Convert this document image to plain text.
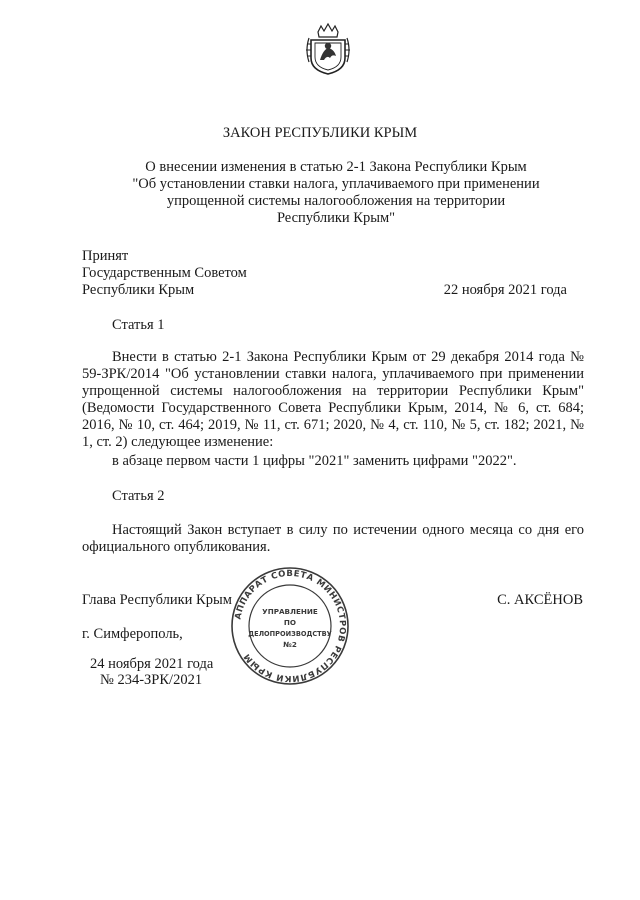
ЗАКОН РЕСПУБЛИКИ КРЫМ
О внесении изменения в статью 2-1 Закона Республики Крым
"Об установлении ставки налога, уплачиваемого при применении
упрощенной системы налогообложения на территории
Республики Крым"
Принят
Государственным Советом
Республики Крым	22 ноября 2021 года
Статья 1
Внести в статью 2-1 Закона Республики Крым от 29 декабря 2014 года № 59-ЗРК/2014 "Об установлении ставки налога, уплачиваемого при применении упрощенной системы налогообложения на территории Республики Крым" (Ведомости Государственного Совета Республики Крым, 2014, № 6, ст. 684; 2016, № 10, ст. 464; 2019, № 11, ст. 671; 2020, № 4, ст. 110, № 5, ст. 182; 2021, № 1, ст. 2) следующее изменение:
в абзаце первом части 1 цифры "2021" заменить цифрами "2022".
Статья 2
Настоящий Закон вступает в силу по истечении одного месяца со дня его официального опубликования.
Глава Республики Крым	С. АКСЁНОВ
г. Симферополь,
24 ноября 2021 года
№ 234-ЗРК/2021
АППАРАТ СОВЕТА МИНИСТРОВ РЕСПУБЛИКИ КРЫМ
УПРАВЛЕНИЕ
ПО
ДЕЛОПРОИЗВОДСТВУ
№2
